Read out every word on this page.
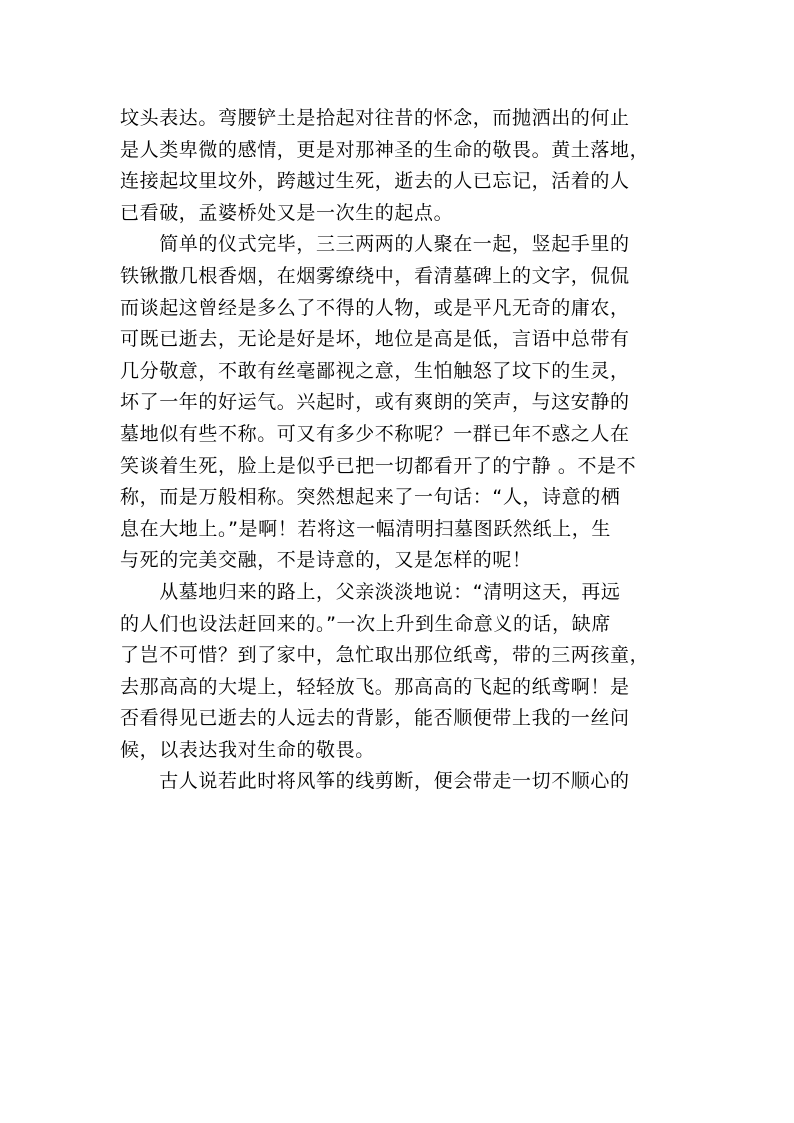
坟头表达。弯腰铲土是拾起对往昔的怀念，而抛洒出的何止
是人类卑微的感情，更是对那神圣的生命的敬畏。黄土落地，
连接起坟里坟外，跨越过生死，逝去的人已忘记，活着的人
已看破，孟婆桥处又是一次生的起点。
　　简单的仪式完毕，三三两两的人聚在一起，竖起手里的
铁锹撒几根香烟，在烟雾缭绕中，看清墓碑上的文字，侃侃
而谈起这曾经是多么了不得的人物，或是平凡无奇的庸农，
可既已逝去，无论是好是坏，地位是高是低，言语中总带有
几分敬意，不敢有丝毫鄙视之意，生怕触怒了坟下的生灵，
坏了一年的好运气。兴起时，或有爽朗的笑声，与这安静的
墓地似有些不称。可又有多少不称呢？一群已年不惑之人在
笑谈着生死，脸上是似乎已把一切都看开了的宁静 。不是不
称，而是万般相称。突然想起来了一句话：“人，诗意的栖
息在大地上。”是啊！若将这一幅清明扫墓图跃然纸上，生
与死的完美交融，不是诗意的，又是怎样的呢！
　　从墓地归来的路上，父亲淡淡地说：“清明这天，再远
的人们也设法赶回来的。”一次上升到生命意义的话，缺席
了岂不可惜？到了家中，急忙取出那位纸鸢，带的三两孩童，
去那高高的大堤上，轻轻放飞。那高高的飞起的纸鸢啊！是
否看得见已逝去的人远去的背影，能否顺便带上我的一丝问
候，以表达我对生命的敬畏。
　　古人说若此时将风筝的线剪断，便会带走一切不顺心的
